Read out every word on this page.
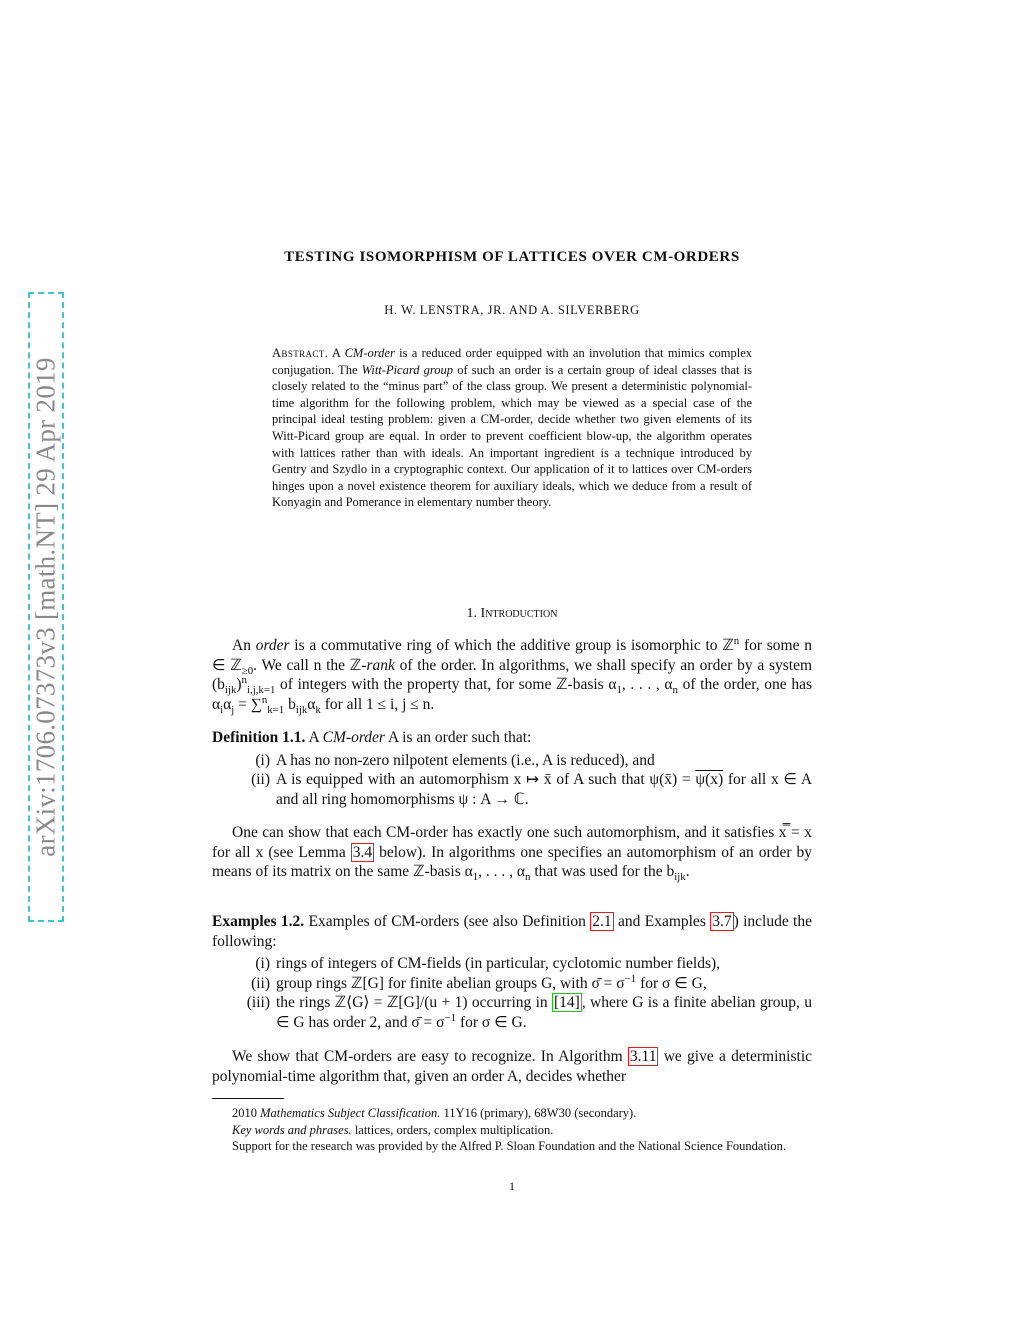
arXiv:1706.07373v3 [math.NT] 29 Apr 2019
TESTING ISOMORPHISM OF LATTICES OVER CM-ORDERS
H. W. LENSTRA, JR. AND A. SILVERBERG
Abstract. A CM-order is a reduced order equipped with an involution that mimics complex conjugation. The Witt-Picard group of such an order is a certain group of ideal classes that is closely related to the “minus part” of the class group. We present a deterministic polynomial-time algorithm for the following problem, which may be viewed as a special case of the principal ideal testing problem: given a CM-order, decide whether two given elements of its Witt-Picard group are equal. In order to prevent coefficient blow-up, the algorithm operates with lattices rather than with ideals. An important ingredient is a technique introduced by Gentry and Szydlo in a cryptographic context. Our application of it to lattices over CM-orders hinges upon a novel existence theorem for auxiliary ideals, which we deduce from a result of Konyagin and Pomerance in elementary number theory.
1. Introduction
An order is a commutative ring of which the additive group is isomorphic to ℤ$^n$ for some n ∈ ℤ$_{\ge 0}$. We call n the ℤ-rank of the order. In algorithms, we shall specify an order by a system $(b_{ijk})^n_{i,j,k=1}$ of integers with the property that, for some ℤ-basis $\alpha_1$, . . . , $\alpha_n$ of the order, one has $\alpha_i\alpha_j = \sum^n_{k=1}$ $b_{ijk}\alpha_k$ for all 1 ≤ i, j ≤ n.
Definition 1.1. A CM-order A is an order such that:
(i) A has no non-zero nilpotent elements (i.e., A is reduced), and
(ii) A is equipped with an automorphism x ↦ x̄ of A such that ψ(x̄) = ψ(x) for all x ∈ A and all ring homomorphisms ψ : A → ℂ.
One can show that each CM-order has exactly one such automorphism, and it satisfies x̿ = x for all x (see Lemma 3.4 below). In algorithms one specifies an automorphism of an order by means of its matrix on the same ℤ-basis $\alpha_1$, . . . , $\alpha_n$ that was used for the $b_{ijk}$.
Examples 1.2. Examples of CM-orders (see also Definition 2.1 and Examples 3.7 ) include the following:
(i) rings of integers of CM-fields (in particular, cyclotomic number fields),
(ii) group rings ℤ[G] for finite abelian groups G, with σ̄ = $\sigma^{-1}$ for σ ∈ G,
(iii) the rings ℤ⟨G⟩ = ℤ[G]/(u + 1) occurring in [14] , where G is a finite abelian group, u ∈ G has order 2, and σ̄ = $\sigma^{-1}$ for σ ∈ G.
We show that CM-orders are easy to recognize. In Algorithm 3.11 we give a deterministic polynomial-time algorithm that, given an order A, decides whether

2010 Mathematics Subject Classification. 11Y16 (primary), 68W30 (secondary).

Key words and phrases. lattices, orders, complex multiplication.

Support for the research was provided by the Alfred P. Sloan Foundation and the National Science Foundation.

1
